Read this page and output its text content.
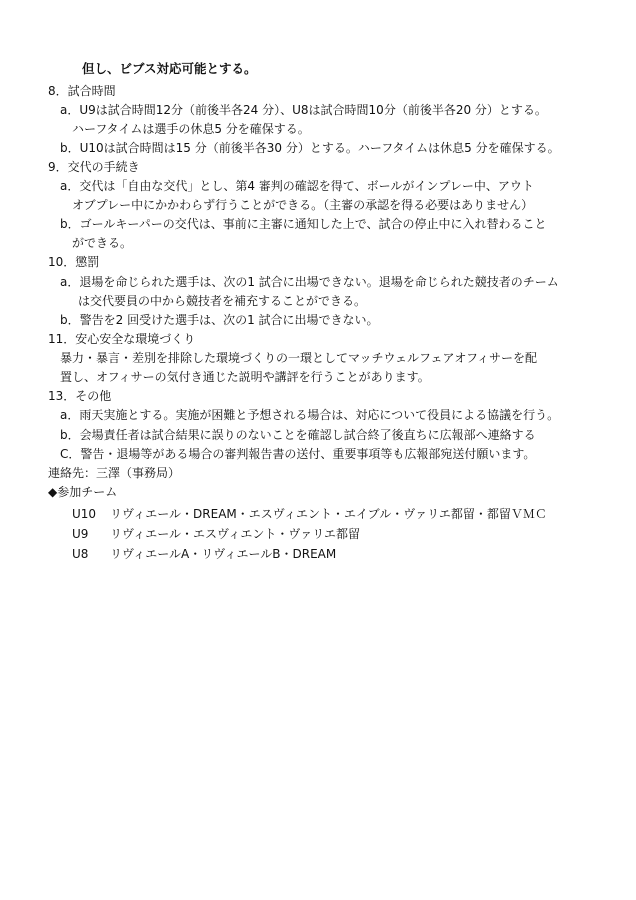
但し、ビブス対応可能とする。
8．試合時間
a．U9は試合時間12分（前後半各24 分）、U8は試合時間10分（前後半各20 分）とする。
ハーフタイムは選手の休息5 分を確保する。
b．U10は試合時間は15 分（前後半各30 分）とする。ハーフタイムは休息5 分を確保する。
9．交代の手続き
a．交代は「自由な交代」とし、第4 審判の確認を得て、ボールがインプレー中、アウト
オブプレー中にかかわらず行うことができる。（主審の承認を得る必要はありません）
b．ゴールキーパーの交代は、事前に主審に通知した上で、試合の停止中に入れ替わること
ができる。
10．懲罰
a．退場を命じられた選手は、次の1 試合に出場できない。退場を命じられた競技者のチーム
は交代要員の中から競技者を補充することができる。
b．警告を2 回受けた選手は、次の1 試合に出場できない。
11．安心安全な環境づくり
暴力・暴言・差別を排除した環境づくりの一環としてマッチウェルフェアオフィサーを配
置し、オフィサーの気付き通じた説明や講評を行うことがあります。
13．その他
a．雨天実施とする。実施が困難と予想される場合は、対応について役員による協議を行う。
b．会場責任者は試合結果に誤りのないことを確認し試合終了後直ちに広報部へ連絡する
C．警告・退場等がある場合の審判報告書の送付、重要事項等も広報部宛送付願います。
連絡先：三澤（事務局）
◆参加チーム
U10 リヴィエール・DREAM・エスヴィエント・エイブル・ヴァリエ都留・都留ＶＭＣ
U9 リヴィエール・エスヴィエント・ヴァリエ都留
U8 リヴィエールA・リヴィエールB・DREAM
